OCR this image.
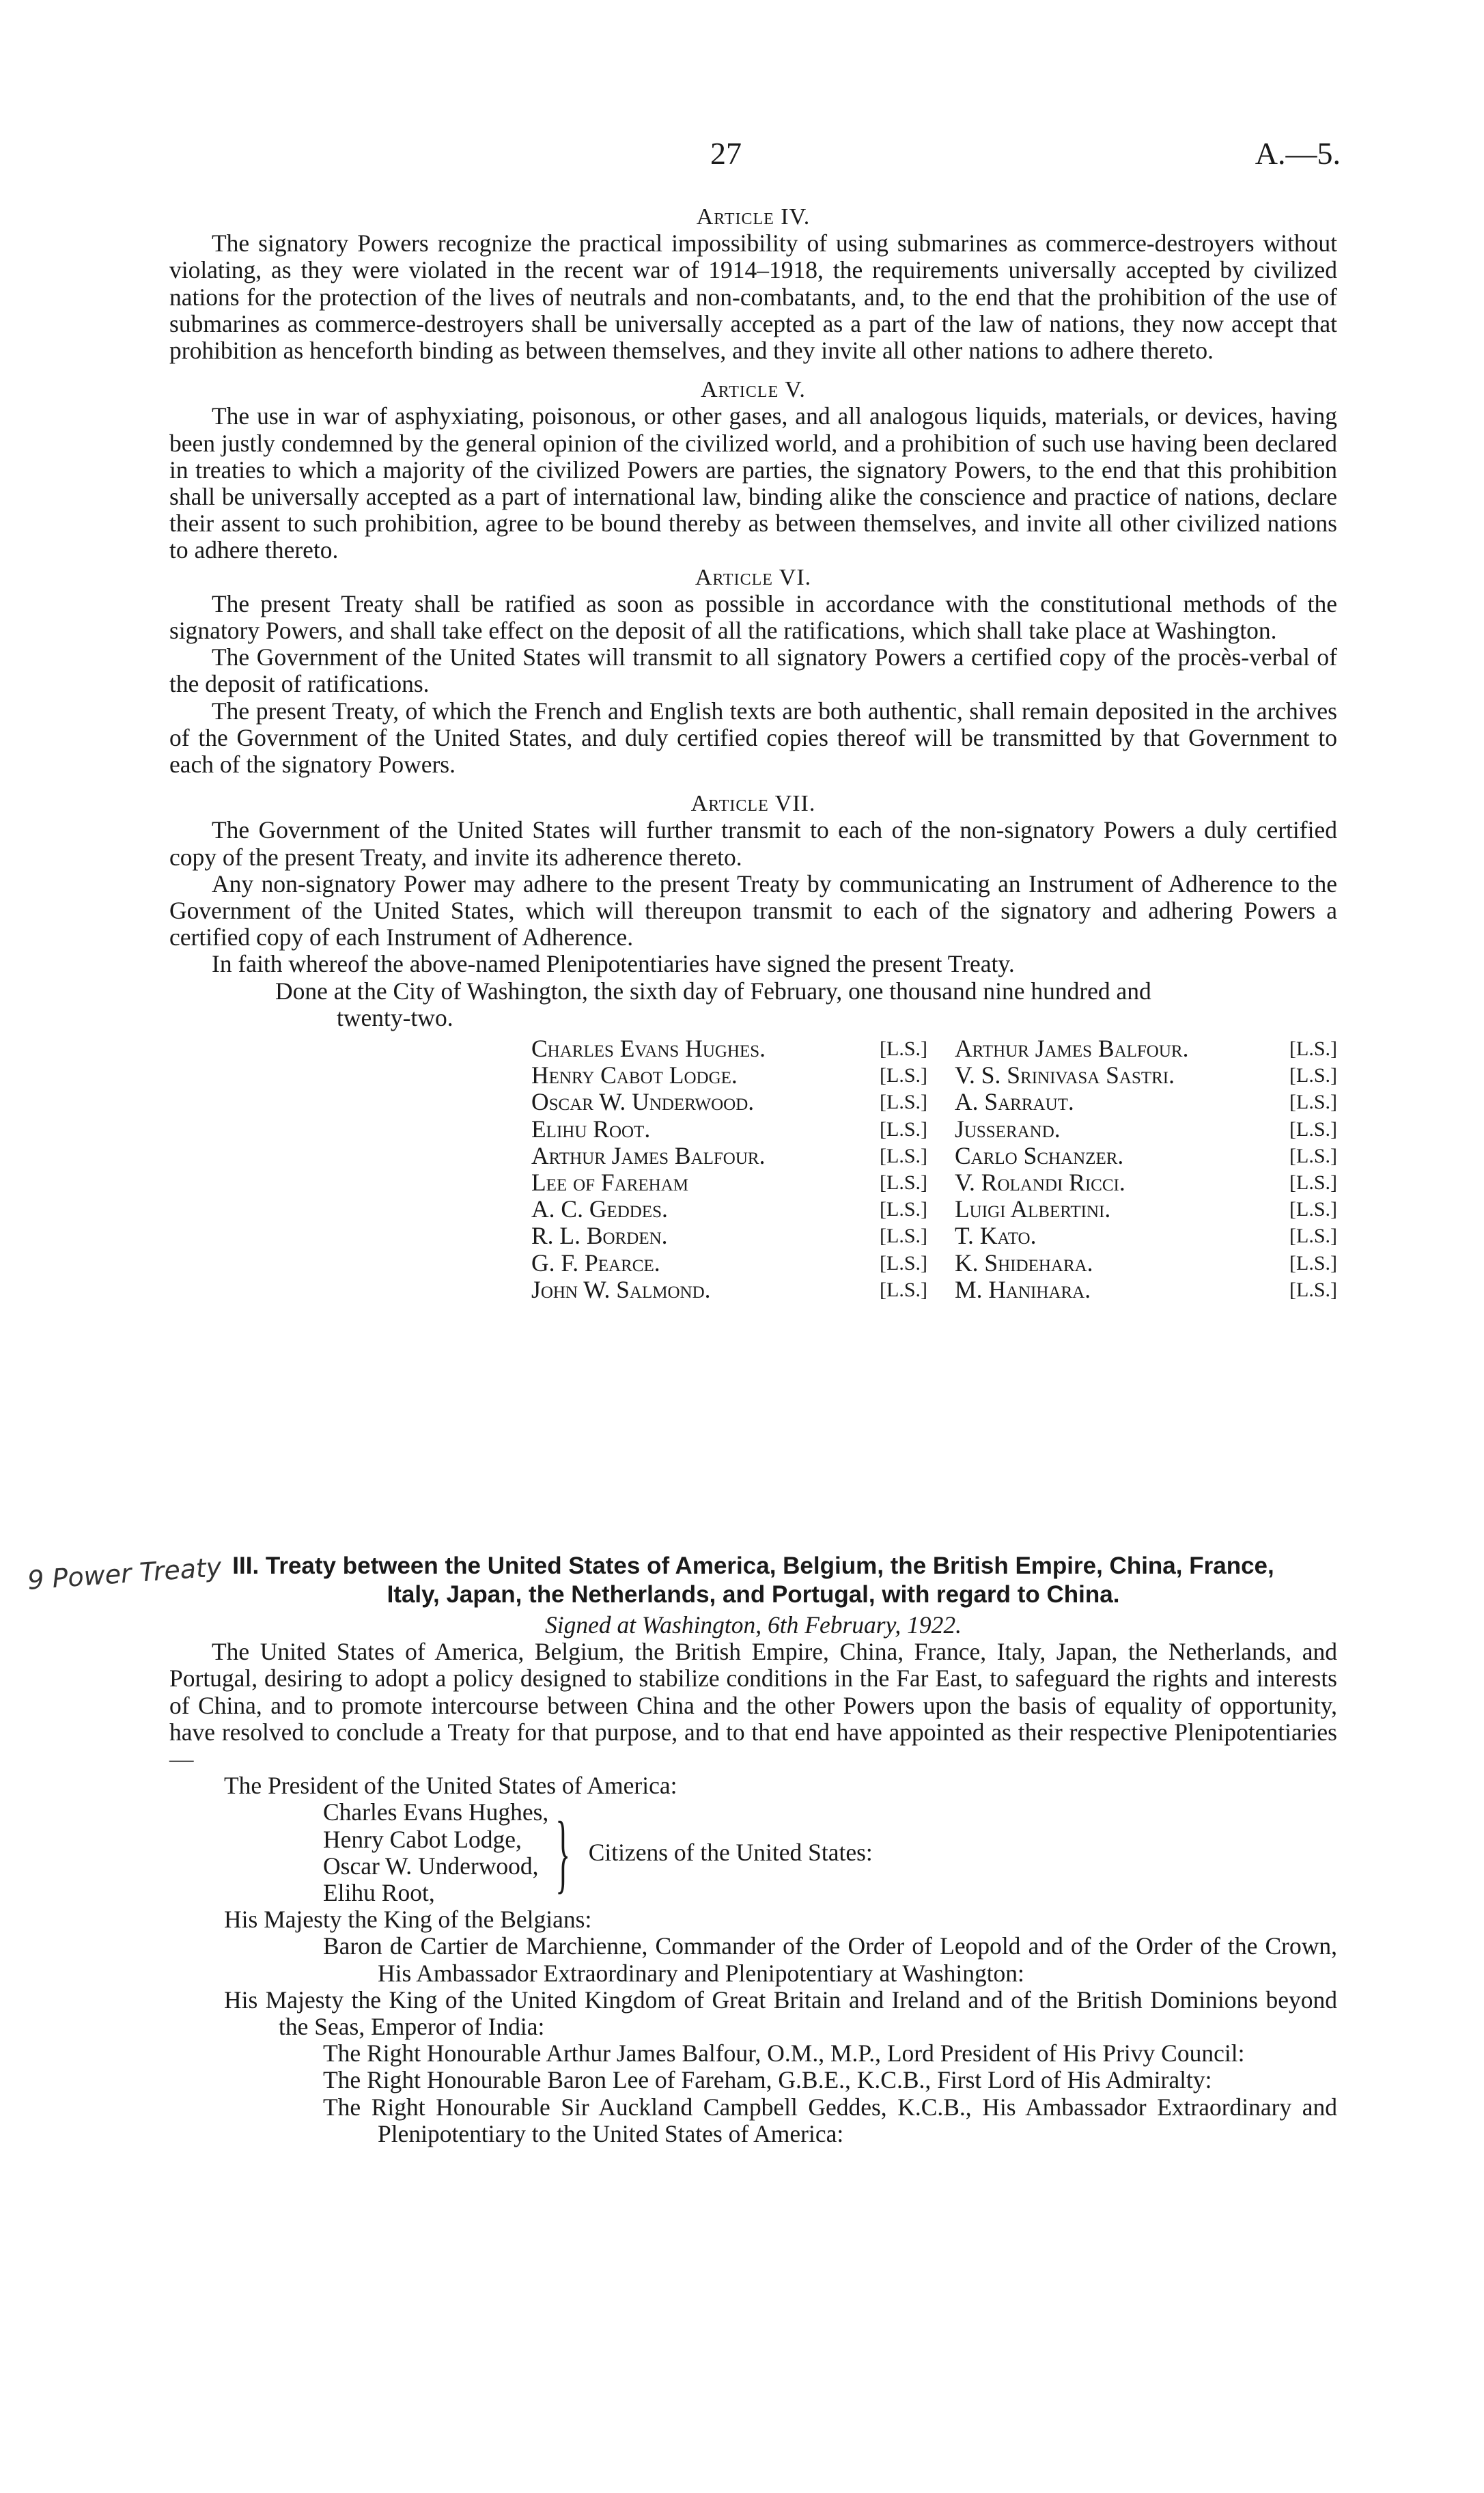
27	A.—5.
Article IV.

The signatory Powers recognize the practical impossibility of using submarines as commerce-destroyers without violating, as they were violated in the recent war of 1914–1918, the requirements universally accepted by civilized nations for the protection of the lives of neutrals and non-combatants, and, to the end that the prohibition of the use of submarines as commerce-destroyers shall be universally accepted as a part of the law of nations, they now accept that prohibition as henceforth binding as between themselves, and they invite all other nations to adhere thereto.

Article V.

The use in war of asphyxiating, poisonous, or other gases, and all analogous liquids, materials, or devices, having been justly condemned by the general opinion of the civilized world, and a prohibition of such use having been declared in treaties to which a majority of the civilized Powers are parties, the signatory Powers, to the end that this prohibition shall be universally accepted as a part of international law, binding alike the conscience and practice of nations, declare their assent to such prohibition, agree to be bound thereby as between themselves, and invite all other civilized nations to adhere thereto.

Article VI.

The present Treaty shall be ratified as soon as possible in accordance with the constitutional methods of the signatory Powers, and shall take effect on the deposit of all the ratifications, which shall take place at Washington.

The Government of the United States will transmit to all signatory Powers a certified copy of the procès-verbal of the deposit of ratifications.

The present Treaty, of which the French and English texts are both authentic, shall remain deposited in the archives of the Government of the United States, and duly certified copies thereof will be transmitted by that Government to each of the signatory Powers.

Article VII.

The Government of the United States will further transmit to each of the non-signatory Powers a duly certified copy of the present Treaty, and invite its adherence thereto.

Any non-signatory Power may adhere to the present Treaty by communicating an Instrument of Adherence to the Government of the United States, which will thereupon transmit to each of the signatory and adhering Powers a certified copy of each Instrument of Adherence.

In faith whereof the above-named Plenipotentiaries have signed the present Treaty.

Done at the City of Washington, the sixth day of February, one thousand nine hundred and

twenty-two.

Charles Evans Hughes.	[L.S.]
Henry Cabot Lodge.	[L.S.]
Oscar W. Underwood.	[L.S.]
Elihu Root.	[L.S.]
Arthur James Balfour.	[L.S.]
Lee of Fareham	[L.S.]
A. C. Geddes.	[L.S.]
R. L. Borden.	[L.S.]
G. F. Pearce.	[L.S.]
John W. Salmond.	[L.S.]
Arthur James Balfour.	[L.S.]
V. S. Srinivasa Sastri.	[L.S.]
A. Sarraut.	[L.S.]
Jusserand.	[L.S.]
Carlo Schanzer.	[L.S.]
V. Rolandi Ricci.	[L.S.]
Luigi Albertini.	[L.S.]
T. Kato.	[L.S.]
K. Shidehara.	[L.S.]
M. Hanihara.	[L.S.]
9 Power Treaty III. Treaty between the United States of America, Belgium, the British Empire, China, France,
Italy, Japan, the Netherlands, and Portugal, with regard to China.
Signed at Washington, 6th February, 1922.

The United States of America, Belgium, the British Empire, China, France, Italy, Japan, the Netherlands, and Portugal, desiring to adopt a policy designed to stabilize conditions in the Far East, to safeguard the rights and interests of China, and to promote intercourse between China and the other Powers upon the basis of equality of opportunity, have resolved to conclude a Treaty for that purpose, and to that end have appointed as their respective Plenipotentiaries—

The President of the United States of America:

Charles Evans Hughes,
Henry Cabot Lodge,
Oscar W. Underwood,
Elihu Root,	} Citizens of the United States:

His Majesty the King of the Belgians:

Baron de Cartier de Marchienne, Commander of the Order of Leopold and of the Order of the Crown, His Ambassador Extraordinary and Plenipotentiary at Washington:

His Majesty the King of the United Kingdom of Great Britain and Ireland and of the British Dominions beyond the Seas, Emperor of India:

The Right Honourable Arthur James Balfour, O.M., M.P., Lord President of His Privy Council:

The Right Honourable Baron Lee of Fareham, G.B.E., K.C.B., First Lord of His Admiralty:

The Right Honourable Sir Auckland Campbell Geddes, K.C.B., His Ambassador Extraordinary and Plenipotentiary to the United States of America:
